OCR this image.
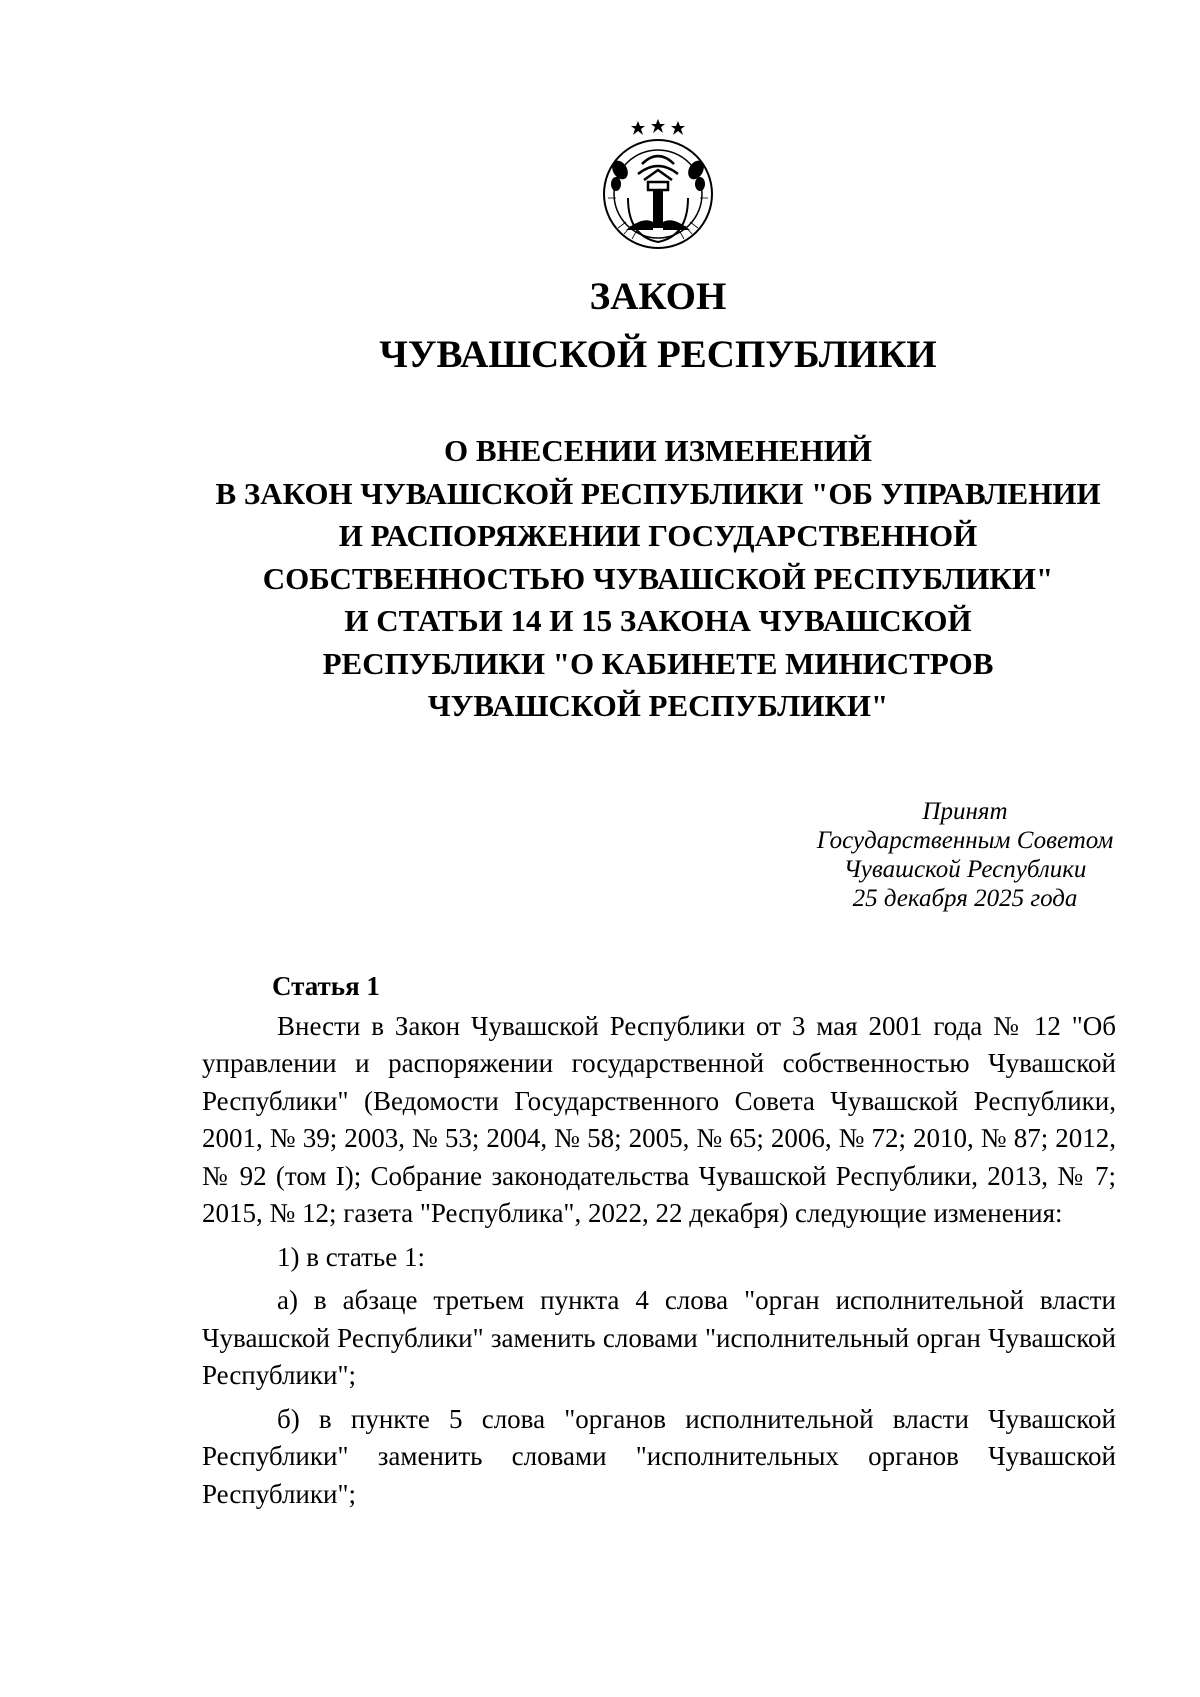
ЗАКОН
ЧУВАШСКОЙ РЕСПУБЛИКИ
О ВНЕСЕНИИ ИЗМЕНЕНИЙ
В ЗАКОН ЧУВАШСКОЙ РЕСПУБЛИКИ "ОБ УПРАВЛЕНИИ
И РАСПОРЯЖЕНИИ ГОСУДАРСТВЕННОЙ
СОБСТВЕННОСТЬЮ ЧУВАШСКОЙ РЕСПУБЛИКИ"
И СТАТЬИ 14 И 15 ЗАКОНА ЧУВАШСКОЙ
РЕСПУБЛИКИ "О КАБИНЕТЕ МИНИСТРОВ
ЧУВАШСКОЙ РЕСПУБЛИКИ"
Принят
Государственным Советом
Чувашской Республики
25 декабря 2025 года
Статья 1

Внести в Закон Чувашской Республики от 3 мая 2001 года № 12 "Об управлении и распоряжении государственной собственностью Чувашской Республики" (Ведомости Государственного Совета Чувашской Республики, 2001, № 39; 2003, № 53; 2004, № 58; 2005, № 65; 2006, № 72; 2010, № 87; 2012, № 92 (том I); Собрание законодательства Чувашской Республики, 2013, № 7; 2015, № 12; газета "Республика", 2022, 22 декабря) следующие изменения:

1) в статье 1:

а) в абзаце третьем пункта 4 слова "орган исполнительной власти Чувашской Республики" заменить словами "исполнительный орган Чувашской Республики";

б) в пункте 5 слова "органов исполнительной власти Чувашской Республики" заменить словами "исполнительных органов Чувашской Республики";
